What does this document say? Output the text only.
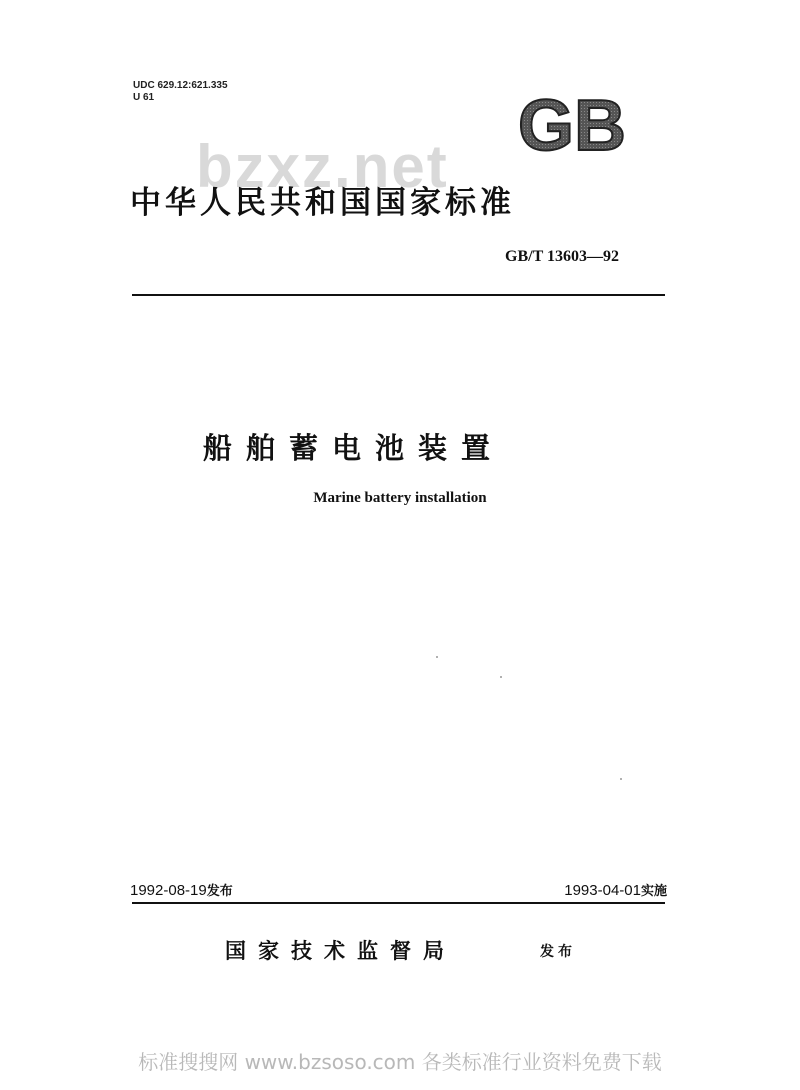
UDC 629.12:621.335
U 61	GB
bzxz.net
中华人民共和国国家标准
GB/T 13603—92
船舶蓄电池装置
Marine battery installation
1992-08-19发布	1993-04-01实施
国家技术监督局	发布
标准搜搜网 www.bzsoso.com 各类标准行业资料免费下载
